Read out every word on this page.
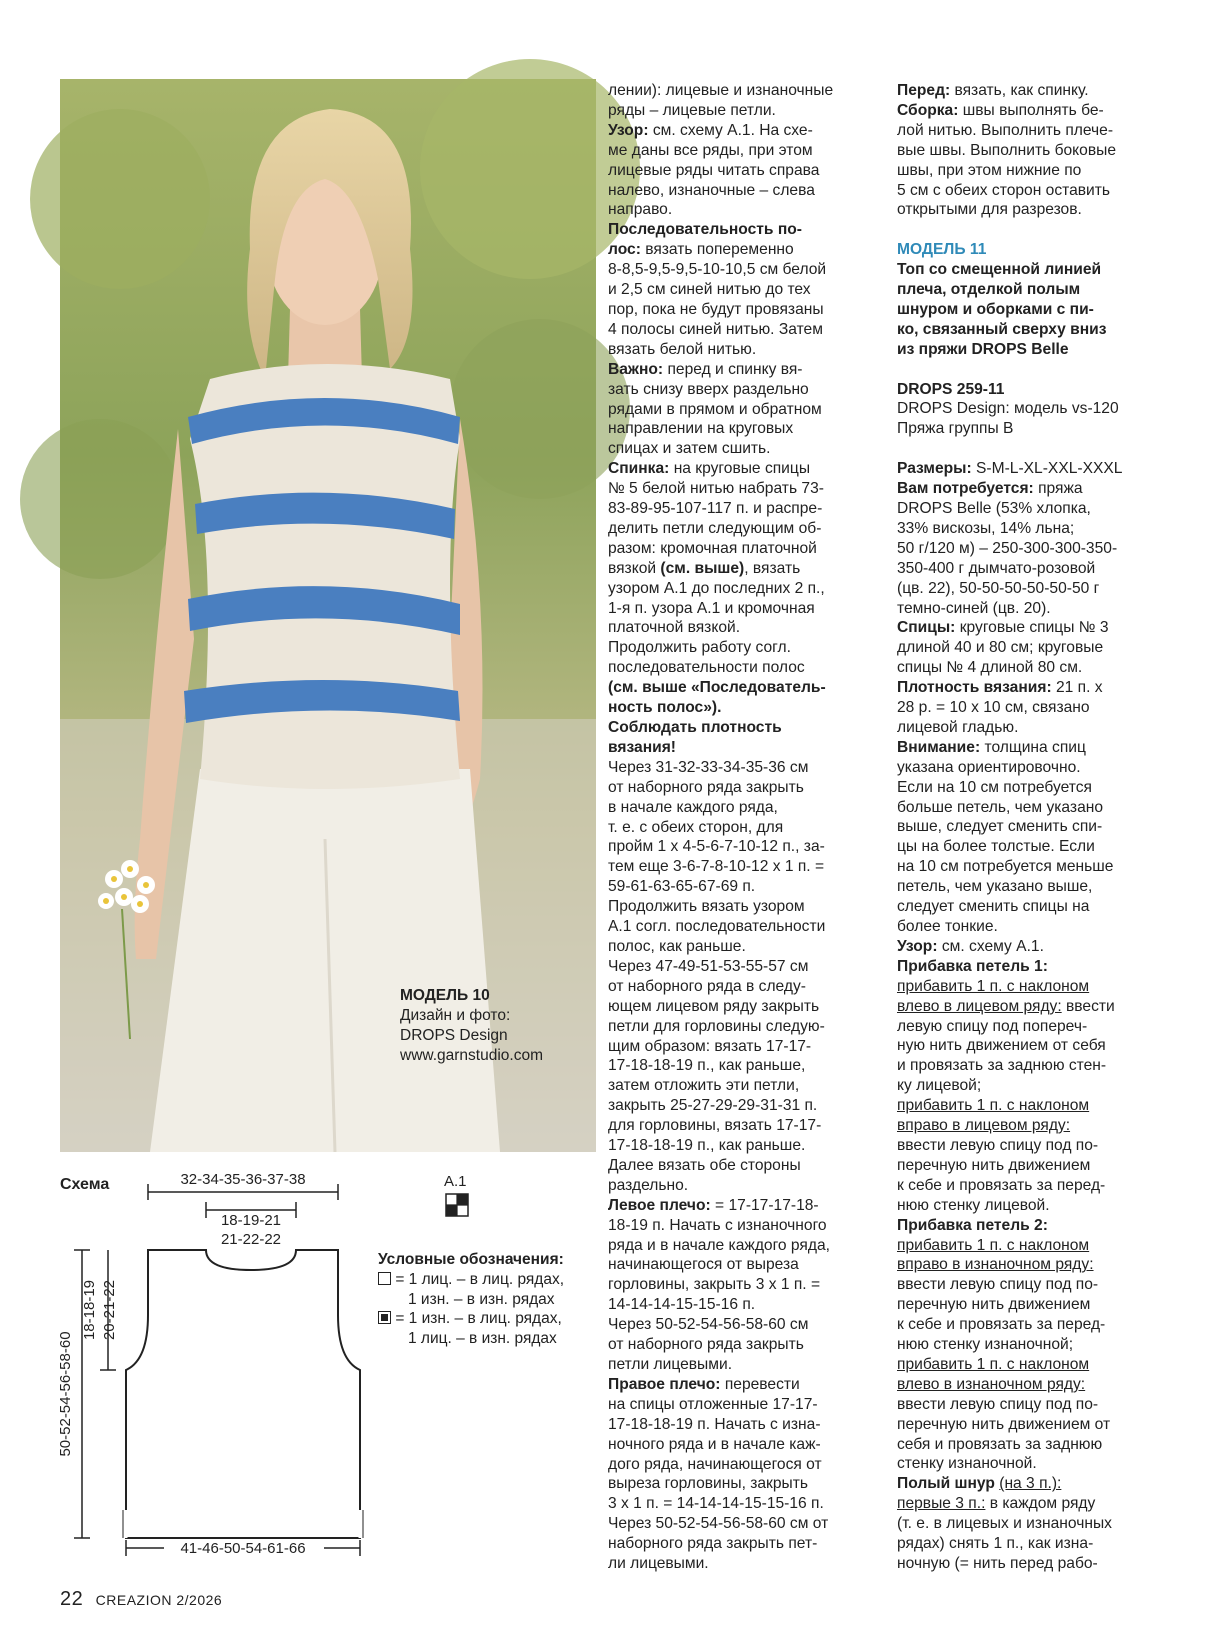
МОДЕЛЬ 10
Дизайн и фото:
DROPS Design
www.garnstudio.com

лении): лицевые и изнаночные

ряды – лицевые петли.

Узор: см. схему A.1. На схе-

ме даны все ряды, при этом

лицевые ряды читать справа

налево, изнаночные – слева

направо.

Последовательность по-

лос: вязать попеременно

8-8,5-9,5-9,5-10-10,5 см белой

и 2,5 см синей нитью до тех

пор, пока не будут провязаны

4 полосы синей нитью. Затем

вязать белой нитью.

Важно: перед и спинку вя-

зать снизу вверх раздельно

рядами в прямом и обратном

направлении на круговых

спицах и затем сшить.

Спинка: на круговые спицы

№ 5 белой нитью набрать 73-

83-89-95-107-117 п. и распре-

делить петли следующим об-

разом: кромочная платочной

вязкой (см. выше), вязать

узором A.1 до последних 2 п.,

1-я п. узора A.1 и кромочная

платочной вязкой.

Продолжить работу согл.

последовательности полос

(см. выше «Последователь-

ность полос»).

Соблюдать плотность

вязания!

Через 31-32-33-34-35-36 см

от наборного ряда закрыть

в начале каждого ряда,

т. е. с обеих сторон, для

пройм 1 х 4-5-6-7-10-12 п., за-

тем еще 3-6-7-8-10-12 х 1 п. =

59-61-63-65-67-69 п.

Продолжить вязать узором

A.1 согл. последовательности

полос, как раньше.

Через 47-49-51-53-55-57 см

от наборного ряда в следу-

ющем лицевом ряду закрыть

петли для горловины следую-

щим образом: вязать 17-17-

17-18-18-19 п., как раньше,

затем отложить эти петли,

закрыть 25-27-29-29-31-31 п.

для горловины, вязать 17-17-

17-18-18-19 п., как раньше.

Далее вязать обе стороны

раздельно.

Левое плечо: = 17-17-17-18-

18-19 п. Начать с изнаночного

ряда и в начале каждого ряда,

начинающегося от выреза

горловины, закрыть 3 х 1 п. =

14-14-14-15-15-16 п.

Через 50-52-54-56-58-60 см

от наборного ряда закрыть

петли лицевыми.

Правое плечо: перевести

на спицы отложенные 17-17-

17-18-18-19 п. Начать с изна-

ночного ряда и в начале каж-

дого ряда, начинающегося от

выреза горловины, закрыть

3 х 1 п. = 14-14-14-15-15-16 п.

Через 50-52-54-56-58-60 см от

наборного ряда закрыть пет-

ли лицевыми.

Перед: вязать, как спинку.

Сборка: швы выполнять бе-

лой нитью. Выполнить плече-

вые швы. Выполнить боковые

швы, при этом нижние по

5 см с обеих сторон оставить

открытыми для разрезов.

МОДЕЛЬ 11

Топ со смещенной линией

плеча, отделкой полым

шнуром и оборками с пи-

ко, связанный сверху вниз

из пряжи DROPS Belle

DROPS 259-11

DROPS Design: модель vs-120

Пряжа группы B

Размеры: S-M-L-XL-XXL-XXXL

Вам потребуется: пряжа

DROPS Belle (53% хлопка,

33% вискозы, 14% льна;

50 г/120 м) – 250-300-300-350-

350-400 г дымчато-розовой

(цв. 22), 50-50-50-50-50-50 г

темно-синей (цв. 20).

Спицы: круговые спицы № 3

длиной 40 и 80 см; круговые

спицы № 4 длиной 80 см.

Плотность вязания: 21 п. х

28 р. = 10 х 10 см, связано

лицевой гладью.

Внимание: толщина спиц

указана ориентировочно.

Если на 10 см потребуется

больше петель, чем указано

выше, следует сменить спи-

цы на более толстые. Если

на 10 см потребуется меньше

петель, чем указано выше,

следует сменить спицы на

более тонкие.

Узор: см. схему A.1.

Прибавка петель 1:

прибавить 1 п. с наклоном

влево в лицевом ряду: ввести

левую спицу под попереч-

ную нить движением от себя

и провязать за заднюю стен-

ку лицевой;

прибавить 1 п. с наклоном

вправо в лицевом ряду:

ввести левую спицу под по-

перечную нить движением

к себе и провязать за перед-

нюю стенку лицевой.

Прибавка петель 2:

прибавить 1 п. с наклоном

вправо в изнаночном ряду:

ввести левую спицу под по-

перечную нить движением

к себе и провязать за перед-

нюю стенку изнаночной;

прибавить 1 п. с наклоном

влево в изнаночном ряду:

ввести левую спицу под по-

перечную нить движением от

себя и провязать за заднюю

стенку изнаночной.

Полый шнур (на 3 п.):

первые 3 п.: в каждом ряду

(т. е. в лицевых и изнаночных

рядах) снять 1 п., как изна-

ночную (= нить перед рабо-

Схема	32-34-35-36-37-38
18-19-21
21-22-22
50-52-54-56-58-60
18-18-19 20-21-22
41-46-50-54-61-66
A.1
Условные обозначения:
= 1 лиц. – в лиц. рядах,
1 изн. – в изн. рядах

= 1 изн. – в лиц. рядах,
1 лиц. – в изн. рядах
22 CREAZION 2/2026
